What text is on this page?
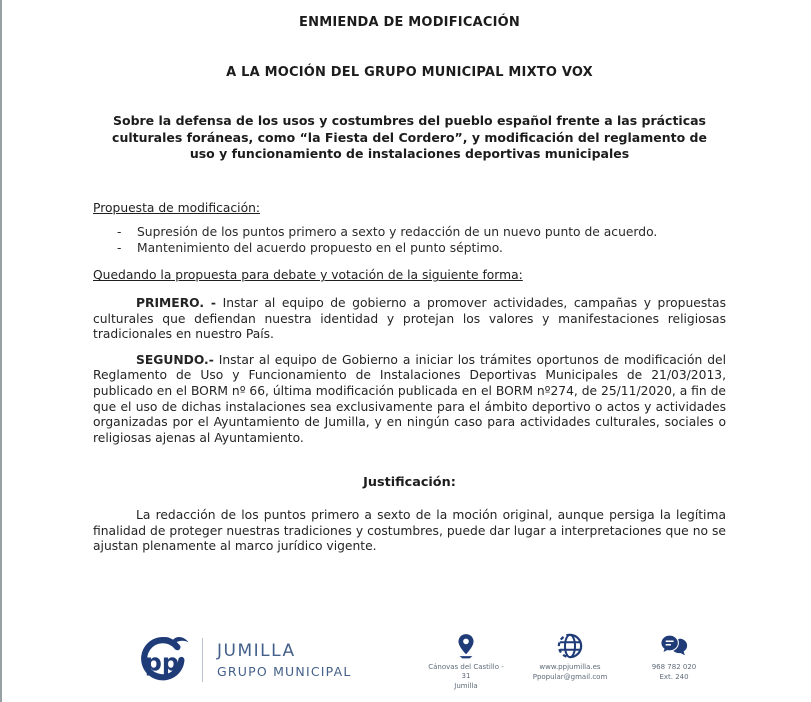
ENMIENDA DE MODIFICACIÓN
A LA MOCIÓN DEL GRUPO MUNICIPAL MIXTO VOX
Sobre la defensa de los usos y costumbres del pueblo español frente a las prácticas culturales foráneas, como “la Fiesta del Cordero”, y modificación del reglamento de uso y funcionamiento de instalaciones deportivas municipales
Propuesta de modificación:
-	Supresión de los puntos primero a sexto y redacción de un nuevo punto de acuerdo.
-	Mantenimiento del acuerdo propuesto en el punto séptimo.
Quedando la propuesta para debate y votación de la siguiente forma:

PRIMERO. - Instar al equipo de gobierno a promover actividades, campañas y propuestas culturales que defiendan nuestra identidad y protejan los valores y manifestaciones religiosas tradicionales en nuestro País.

SEGUNDO.- Instar al equipo de Gobierno a iniciar los trámites oportunos de modificación del Reglamento de Uso y Funcionamiento de Instalaciones Deportivas Municipales de 21/03/2013, publicado en el BORM nº 66, última modificación publicada en el BORM nº274, de 25/11/2020, a fin de que el uso de dichas instalaciones sea exclusivamente para el ámbito deportivo o actos y actividades organizadas por el Ayuntamiento de Jumilla, y en ningún caso para actividades culturales, sociales o religiosas ajenas al Ayuntamiento.

Justificación:

La redacción de los puntos primero a sexto de la moción original, aunque persiga la legítima finalidad de proteger nuestras tradiciones y costumbres, puede dar lugar a interpretaciones que no se ajustan plenamente al marco jurídico vigente.

pp JUMILLA
GRUPO MUNICIPAL	Cánovas del Castillo - 31
Jumilla
www.ppjumilla.es
Ppopular@gmail.com
968 782 020
Ext. 240
